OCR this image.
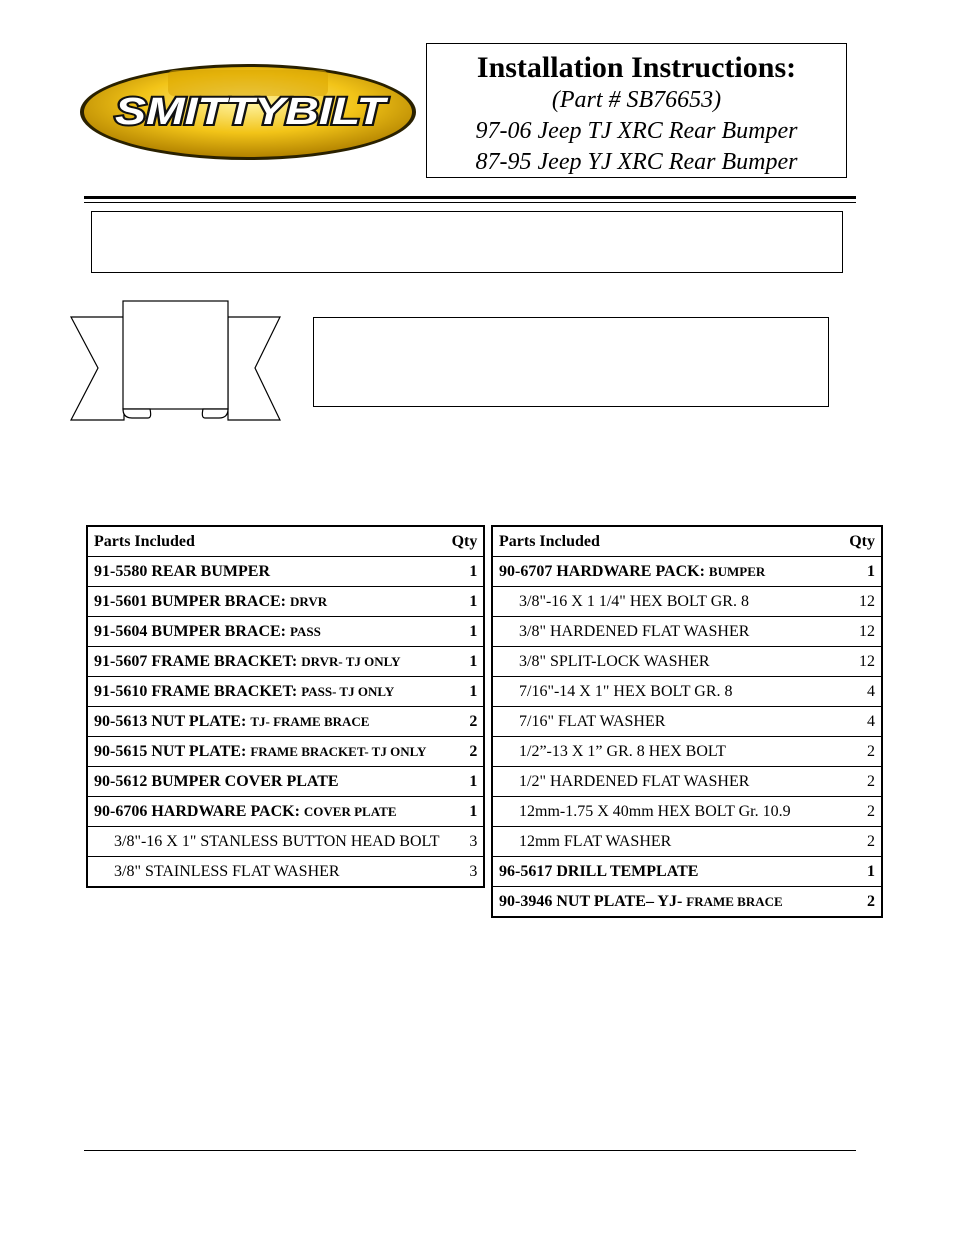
SMITTYBILT
Installation Instructions:
(Part # SB76653)
97-06 Jeep TJ XRC Rear Bumper
87-95 Jeep YJ XRC Rear Bumper
Parts Included	Qty
91-5580 REAR BUMPER	1
91-5601 BUMPER BRACE: DRVR	1
91-5604 BUMPER BRACE: PASS	1
91-5607 FRAME BRACKET: DRVR- TJ ONLY	1
91-5610 FRAME BRACKET: PASS- TJ ONLY	1
90-5613 NUT PLATE: TJ- FRAME BRACE	2
90-5615 NUT PLATE: FRAME BRACKET- TJ ONLY	2
90-5612 BUMPER COVER PLATE	1
90-6706 HARDWARE PACK: COVER PLATE	1
3/8"-16 X 1" STANLESS BUTTON HEAD BOLT	3
3/8" STAINLESS FLAT WASHER	3
Parts Included	Qty
90-6707 HARDWARE PACK: BUMPER	1
3/8"-16 X 1 1/4" HEX BOLT GR. 8	12
3/8" HARDENED FLAT WASHER	12
3/8" SPLIT-LOCK WASHER	12
7/16"-14 X 1" HEX BOLT GR. 8	4
7/16" FLAT WASHER	4
1/2”-13 X 1” GR. 8 HEX BOLT	2
1/2" HARDENED FLAT WASHER	2
12mm-1.75 X 40mm HEX BOLT Gr. 10.9	2
12mm FLAT WASHER	2
96-5617 DRILL TEMPLATE	1
90-3946 NUT PLATE– YJ- FRAME BRACE	2
